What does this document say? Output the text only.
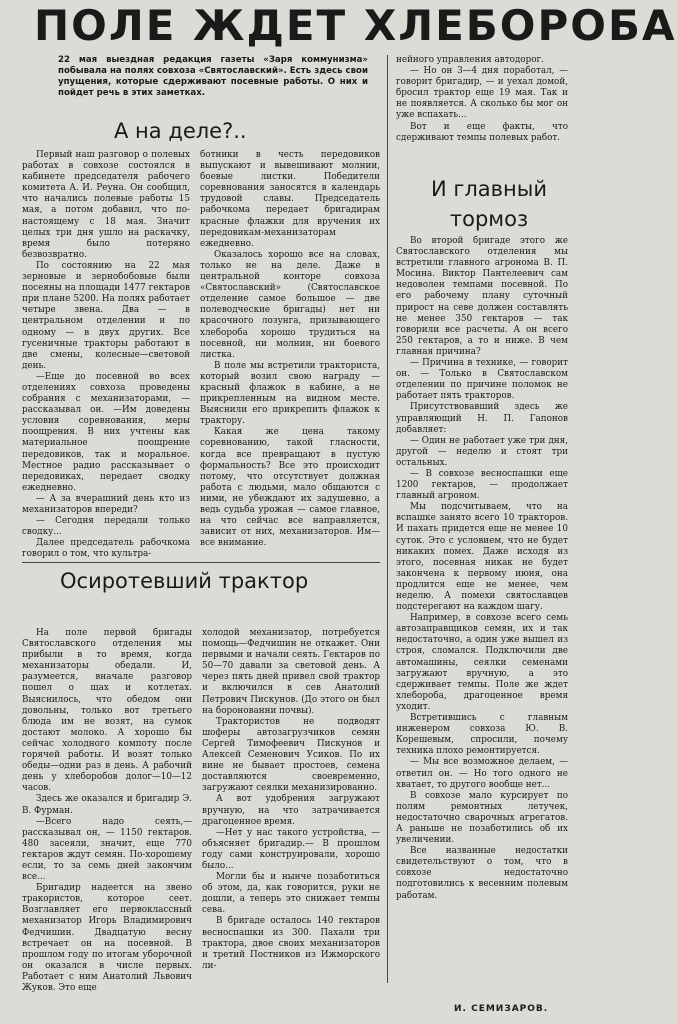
ПОЛЕ ЖДЕТ ХЛЕБОРОБА
22 мая выездная редакция газеты «Заря коммунизма» побывала на полях совхоза «Святославский». Есть здесь свои упущения, которые сдерживают посевные работы. О них и пойдет речь в этих заметках.

нейного управления автодорог.

— Но он 3—4 дня поработал, — говорит бригадир, — и уехал домой, бросил трактор еще 19 мая. Так и не появляется. А сколько бы мог он уже вспахать...

Вот и еще факты, что сдерживают темпы полевых работ.

А на деле?..

Первый наш разговор о полевых работах в совхозе состоялся в кабинете председателя рабочего комитета А. И. Реуна. Он сообщил, что начались полевые работы 15 мая, а потом добавил, что по-настоящему с 18 мая. Значит целых три дня ушло на раскачку, время было потеряно безвозвратно.

По состоянию на 22 мая зерновые и зернобобовые были посеяны на площади 1477 гектаров при плане 5200. На полях работает четыре звена. Два — в центральном отделении и по одному — в двух других. Все гусеничные тракторы работают в две смены, колесные—световой день.

—Еще до посевной во всех отделениях совхоза проведены собрания с механизаторами, — рассказывал он. —Им доведены условия соревнования, меры поощрения. В них учтены как материальное поощрение передовиков, так и моральное. Местное радио рассказывает о передовиках, передает сводку ежедневно.

— А за вчерашний день кто из механизаторов впереди?

— Сегодня передали только сводку...

Далее председатель рабочкома говорил о том, что культра-

ботники в честь передовиков выпускают и вывешивают молнии, боевые листки. Победители соревнования заносятся в календарь трудовой славы. Председатель рабочкома передает бригадирам красные флажки для вручения их передовикам-механизаторам ежедневно.

Оказалось хорошо все на словах, только не на деле. Даже в центральной конторе совхоза «Святославский» (Святославское отделение самое большое — две полеводческие бригады) нет ни красочного лозунга, призывающего хлебороба хорошо трудиться на посевной, ни молнии, ни боевого листка.

В поле мы встретили тракториста, который возил свою награду —красный флажок в кабине, а не прикрепленным на видном месте. Выяснили его прикрепить флажок к трактору.

Какая же цена такому соревнованию, такой гласности, когда все превращают в пустую формальность? Все это происходит потому, что отсутствует должная работа с людьми, мало общаются с ними, не убеждают их задушевно, а ведь судьба урожая — самое главное, на что сейчас все направляется, зависит от них, механизаторов. Им—все внимание.

И главный тормоз

Во второй бригаде этого же Святославского отделения мы встретили главного агронома В. П. Мосина. Виктор Пантелеевич сам недоволен темпами посевной. По его рабочему плану суточный прирост на севе должен составлять не менее 350 гектаров — так говорили все расчеты. А он всего 250 гектаров, а то и ниже. В чем главная причина?

— Причина в технике, — говорит он. — Только в Святославском отделении по причине поломок не работает пять тракторов.

Присутствовавший здесь же управляющий Н. П. Гапонов добавляет:

— Один не работает уже три дня, другой — неделю и стоят три остальных.

— В совхозе весноспашки еще 1200 гектаров, — продолжает главный агроном.

Мы подсчитываем, что на вспашке занято всего 10 тракторов. И пахать придется еще не менее 10 суток. Это с условием, что не будет никаких помех. Даже исходя из этого, посевная никак не будет закончена к первому июня, она продлится еще не менее, чем неделю. А помехи святославцев подстерегают на каждом шагу.

Например, в совхозе всего семь автозаправщиков семян, их и так недостаточно, а один уже вышел из строя, сломался. Подключили две автомашины, сеялки семенами загружают вручную, а это сдерживает темпы. Поле же ждет хлебороба, драгоценное время уходит.

Встретившись с главным инженером совхоза Ю. В. Корешевым, спросили, почему техника плохо ремонтируется.

— Мы все возможное делаем, — ответил он. — Но того одного не хватает, то другого вообще нет...

В совхозе мало курсирует по полям ремонтных летучек, недостаточно сварочных агрегатов. А раньше не позаботились об их увеличении.

Все названные недостатки свидетельствуют о том, что в совхозе недостаточно подготовились к весенним полевым работам.

И. СЕМИЗАРОВ.
Осиротевший трактор

На поле первой бригады Святославского отделения мы прибыли в то время, когда механизаторы обедали. И, разумеется, вначале разговор пошел о щах и котлетах. Выяснилось, что обедом они довольны, только вот третьего блюда им не возят, на сумок достают молоко. А хорошо бы сейчас холодного компоту после горячей работы. И возят только обеды—одни раз в день. А рабочий день у хлеборобов долог—10—12 часов.

Здесь же оказался и бригадир Э. В. Фурман.

—Всего надо сеять,—рассказывал он, — 1150 гектаров. 480 засеяли, значит, еще 770 гектаров ждут семян. По-хорошему если, то за семь дней закончим все...

Бригадир надеется на звено тракористов, которое сеет. Возглавляет его первоклассный механизатор Игорь Владимирович Федчишин. Двадцатую весну встречает он на посевной. В прошлом году по итогам уборочной он оказался в числе первых. Работает с ним Анатолий Львович Жуков. Это еще

холодой механизатор, потребуется помощь—Федчишин не откажет. Они первыми и начали сеять. Гектаров по 50—70 давали за световой день. А через пять дней привел свой трактор и включился в сев Анатолий Петрович Пискунов. (До этого он был на боронованни почвы).

Трактористов не подводят шоферы автозагрузчиков семян Сергей Тимофеевич Пискунов и Алексей Семенович Усиков. По их вине не бывает простоев, семена доставляются своевременно, загружают сеялки механизированно.

А вот удобрения загружают вручную, на что затрачивается драгоценное время.

—Нет у нас такого устройства, —объясняет бригадир.— В прошлом году сами конструировали, хорошо было...

Могли бы и нынче позаботиться об этом, да, как говорится, руки не дошли, а теперь это снижает темпы сева.

В бригаде осталось 140 гектаров весноспашки из 300. Пахали три трактора, двое своих механизаторов и третий Постников из Ижморского ли-
